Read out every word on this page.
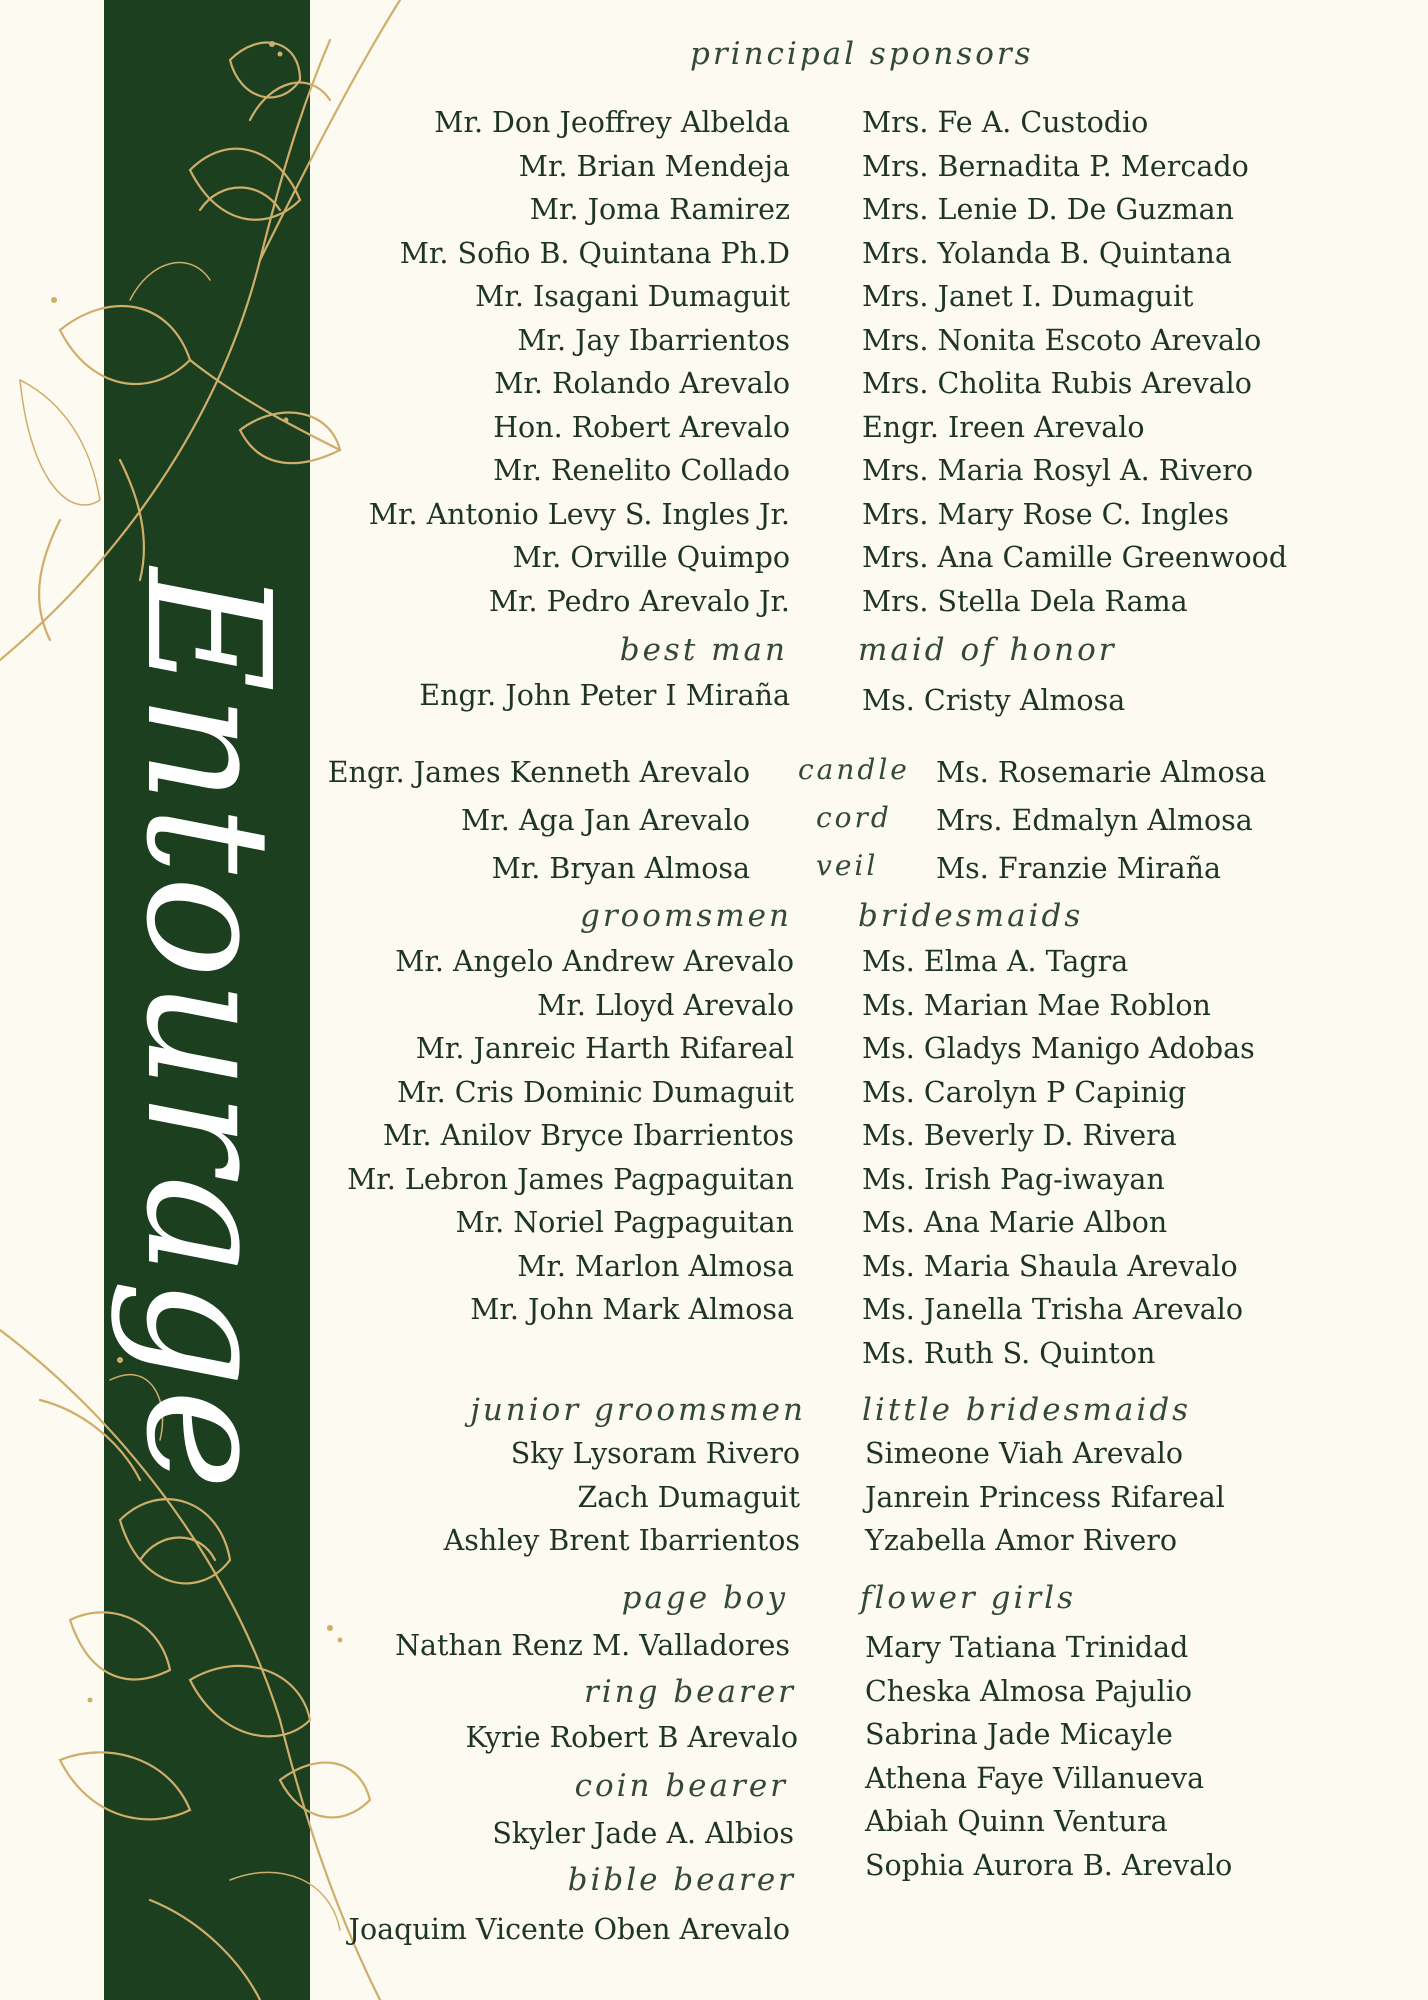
Entourage
principal sponsors
Mr. Don Jeoffrey Albelda
Mr. Brian Mendeja
Mr. Joma Ramirez
Mr. Sofio B. Quintana Ph.D
Mr. Isagani Dumaguit
Mr. Jay Ibarrientos
Mr. Rolando Arevalo
Hon. Robert Arevalo
Mr. Renelito Collado
Mr. Antonio Levy S. Ingles Jr.
Mr. Orville Quimpo
Mr. Pedro Arevalo Jr.
Mrs. Fe A. Custodio
Mrs. Bernadita P. Mercado
Mrs. Lenie D. De Guzman
Mrs. Yolanda B. Quintana
Mrs. Janet I. Dumaguit
Mrs. Nonita Escoto Arevalo
Mrs. Cholita Rubis Arevalo
Engr. Ireen Arevalo
Mrs. Maria Rosyl A. Rivero
Mrs. Mary Rose C. Ingles
Mrs. Ana Camille Greenwood
Mrs. Stella Dela Rama
best man maid of honor
Engr. John Peter I Miraña	Ms. Cristy Almosa
Engr. James Kenneth Arevalo
Mr. Aga Jan Arevalo
Mr. Bryan Almosa
candle
cord
veil
Ms. Rosemarie Almosa
Mrs. Edmalyn Almosa
Ms. Franzie Miraña
groomsmen bridesmaids
Mr. Angelo Andrew Arevalo
Mr. Lloyd Arevalo
Mr. Janreic Harth Rifareal
Mr. Cris Dominic Dumaguit
Mr. Anilov Bryce Ibarrientos
Mr. Lebron James Pagpaguitan
Mr. Noriel Pagpaguitan
Mr. Marlon Almosa
Mr. John Mark Almosa
Ms. Elma A. Tagra
Ms. Marian Mae Roblon
Ms. Gladys Manigo Adobas
Ms. Carolyn P Capinig
Ms. Beverly D. Rivera
Ms. Irish Pag-iwayan
Ms. Ana Marie Albon
Ms. Maria Shaula Arevalo
Ms. Janella Trisha Arevalo
Ms. Ruth S. Quinton
junior groomsmen little bridesmaids
Sky Lysoram Rivero
Zach Dumaguit
Ashley Brent Ibarrientos
Simeone Viah Arevalo
Janrein Princess Rifareal
Yzabella Amor Rivero
page boy
Nathan Renz M. Valladores
ring bearer
Kyrie Robert B Arevalo
coin bearer
Skyler Jade A. Albios
bible bearer
Joaquim Vicente Oben Arevalo
flower girls
Mary Tatiana Trinidad
Cheska Almosa Pajulio
Sabrina Jade Micayle
Athena Faye Villanueva
Abiah Quinn Ventura
Sophia Aurora B. Arevalo
